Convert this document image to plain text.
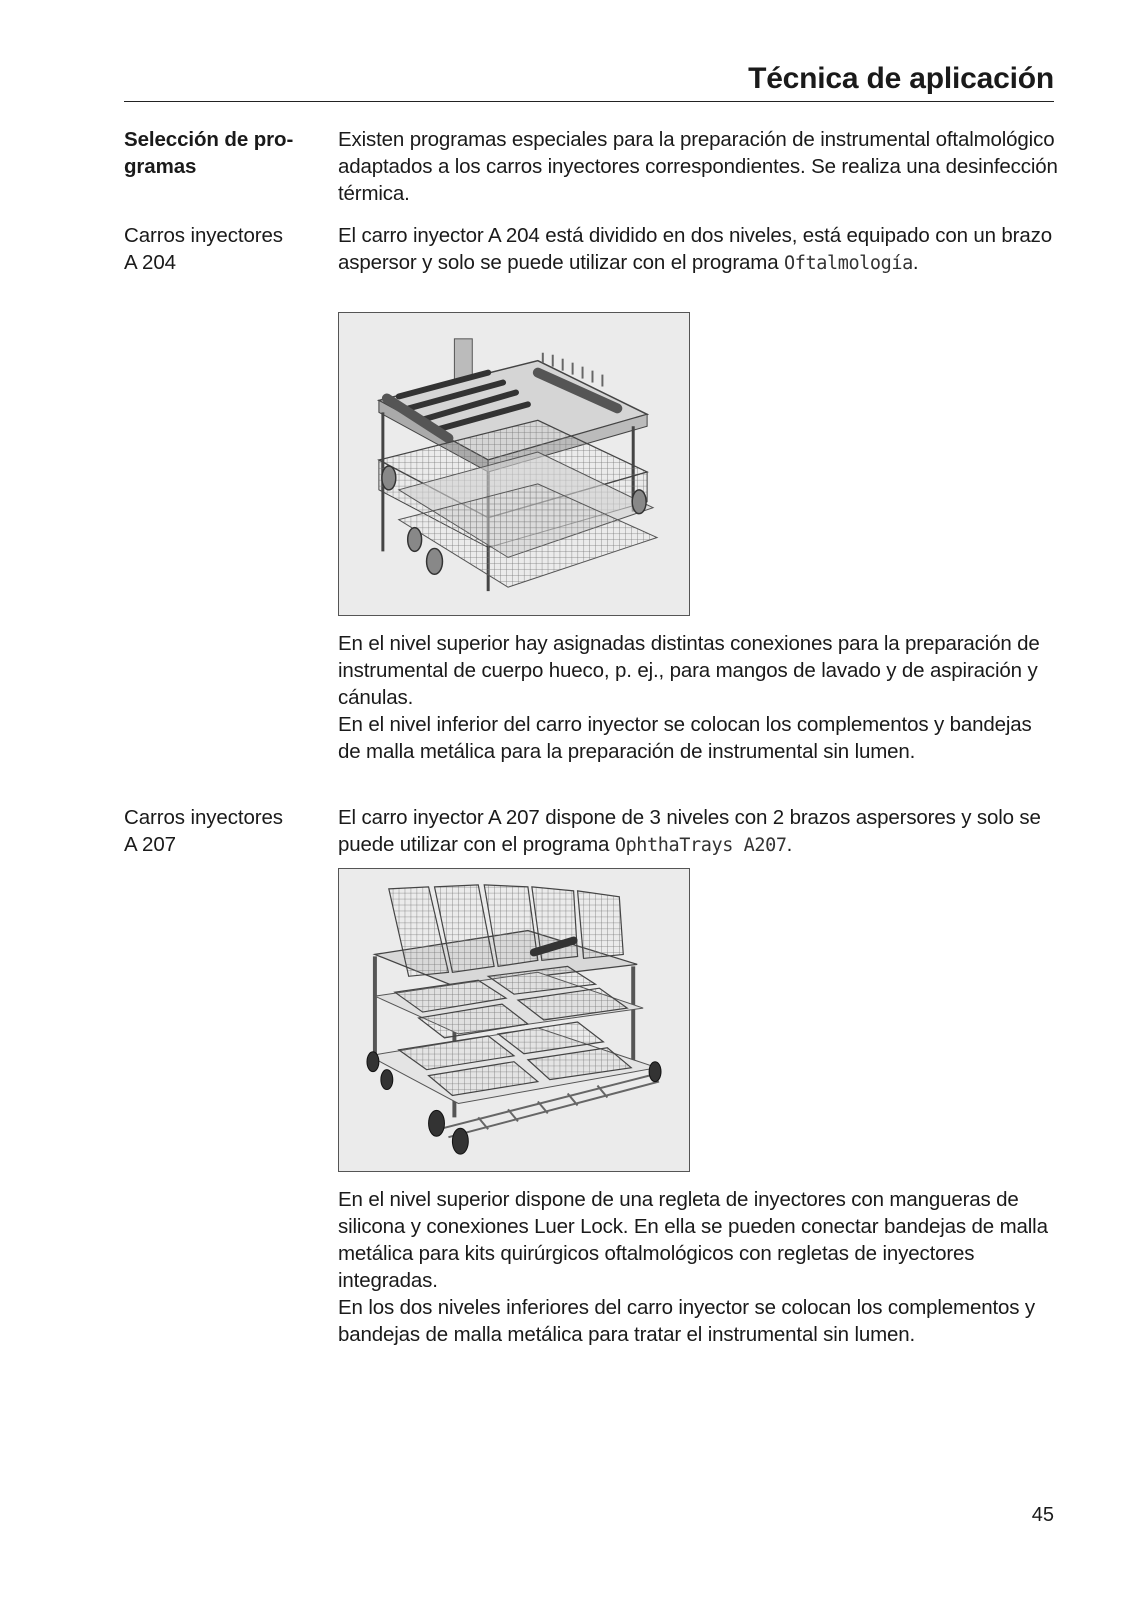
Técnica de aplicación
Selección de pro-
gramas

Existen programas especiales para la preparación de instrumental oftalmológico adaptados a los carros inyectores correspondientes. Se realiza una desinfección térmica.

Carros inyectores
A 204

El carro inyector A 204 está dividido en dos niveles, está equipado con un brazo aspersor y solo se puede utilizar con el programa Oftalmología.

En el nivel superior hay asignadas distintas conexiones para la preparación de instrumental de cuerpo hueco, p. ej., para mangos de lavado y de aspiración y cánulas.

En el nivel inferior del carro inyector se colocan los complementos y bandejas de malla metálica para la preparación de instrumental sin lumen.

Carros inyectores
A 207

El carro inyector A 207 dispone de 3 niveles con 2 brazos aspersores y solo se puede utilizar con el programa OphthaTrays A207.

En el nivel superior dispone de una regleta de inyectores con mangueras de silicona y conexiones Luer Lock. En ella se pueden conectar bandejas de malla metálica para kits quirúrgicos oftalmológicos con regletas de inyectores integradas.

En los dos niveles inferiores del carro inyector se colocan los complementos y bandejas de malla metálica para tratar el instrumental sin lumen.

45
